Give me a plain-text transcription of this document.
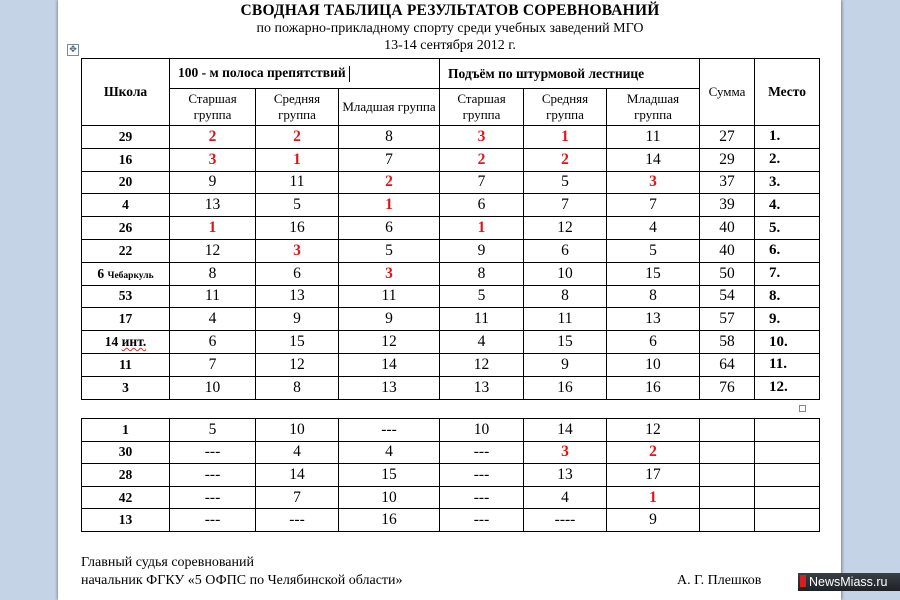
СВОДНАЯ ТАБЛИЦА РЕЗУЛЬТАТОВ СОРЕВНОВАНИЙ
по пожарно-прикладному спорту среди учебных заведений МГО
13-14 сентября 2012 г.
✥
Школа	100 - м полоса препятствий			Подъём по штурмовой лестнице			Сумма	Место
	Старшая группа	Средняя группа	Младшая группа	Старшая группа	Средняя группа	Младшая группа		
29	2	2	8	3	1	11	27	1.
16	3	1	7	2	2	14	29	2.
20	9	11	2	7	5	3	37	3.
4	13	5	1	6	7	7	39	4.
26	1	16	6	1	12	4	40	5.
22	12	3	5	9	6	5	40	6.
6 Чебаркуль	8	6	3	8	10	15	50	7.
53	11	13	11	5	8	8	54	8.
17	4	9	9	11	11	13	57	9.
14 инт.	6	15	12	4	15	6	58	10.
11	7	12	14	12	9	10	64	11.
3	10	8	13	13	16	16	76	12.
1	5	10	---	10	14	12		
30	---	4	4	---	3	2		
28	---	14	15	---	13	17		
42	---	7	10	---	4	1		
13	---	---	16	---	----	9		
Главный судья соревнований
начальник ФГКУ «5 ОФПС по Челябинской области»	А. Г. Плешков	NewsMiass.ru
